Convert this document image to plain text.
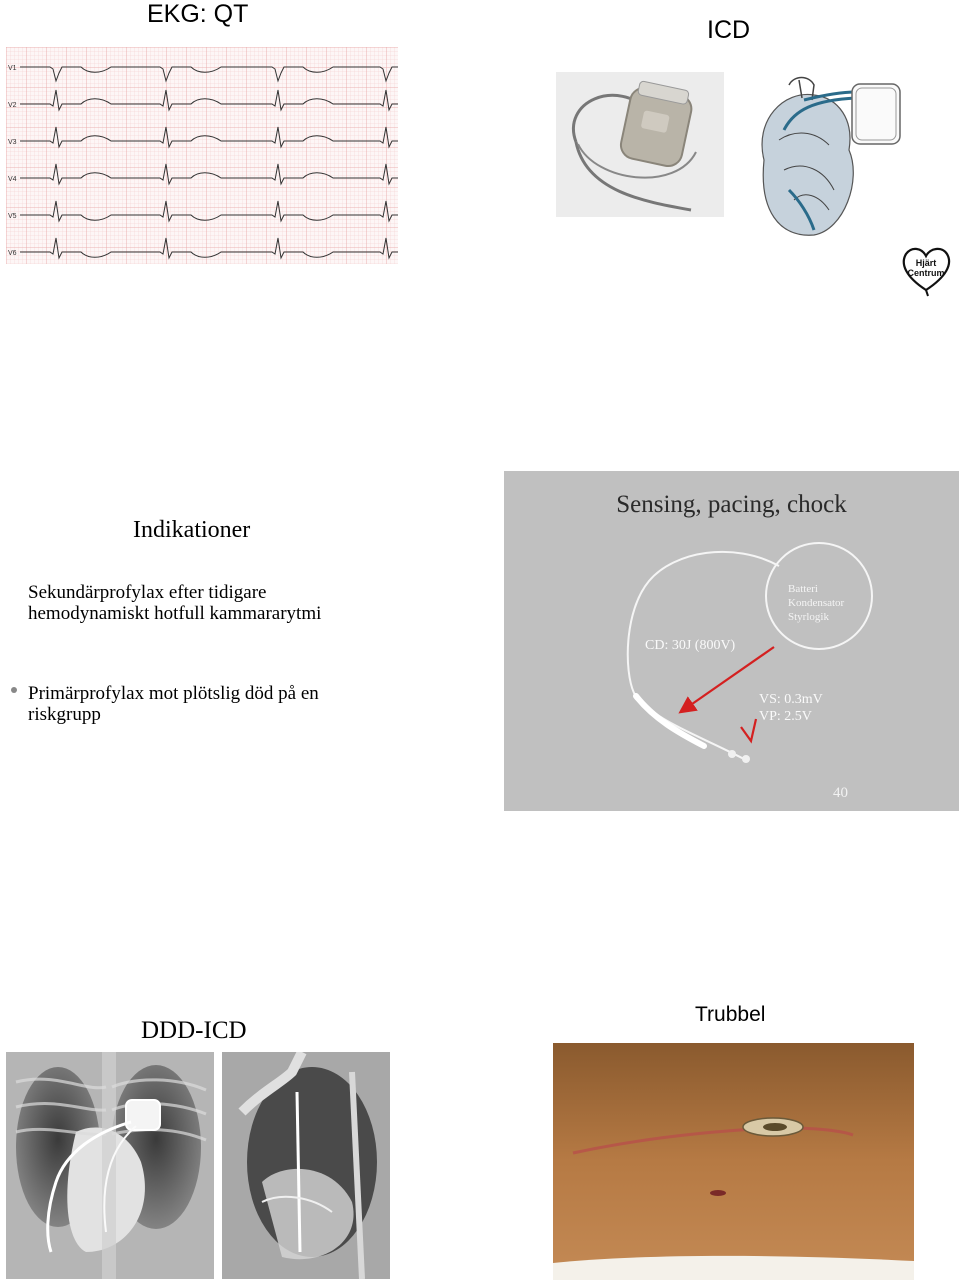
EKG: QT
ICD
V1
V2
V3
V4
V5
V6
Hjärt
Centrum
Indikationer
Sekundärprofylax efter tidigare hemodynamiskt hotfull kammararytmi
Primärprofylax mot plötslig död på en riskgrupp
Sensing, pacing, chock
Batteri
Kondensator
Styrlogik
CD: 30J (800V)
VS: 0.3mV
VP: 2.5V
40
DDD-ICD
Trubbel
